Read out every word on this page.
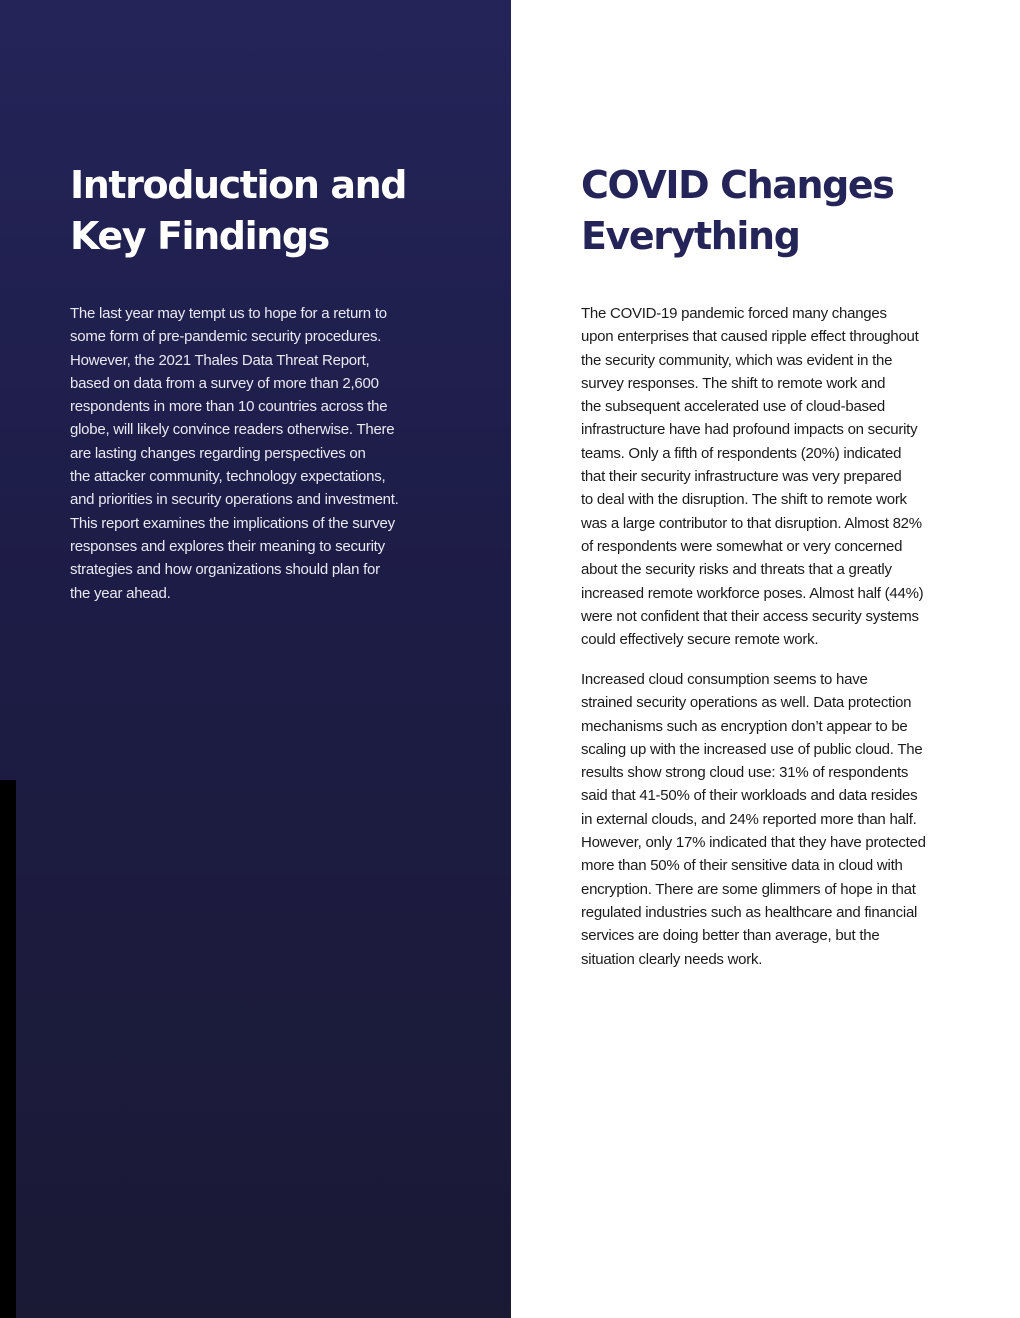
Introduction and
Key Findings

The last year may tempt us to hope for a return to
some form of pre-pandemic security procedures.
However, the 2021 Thales Data Threat Report,
based on data from a survey of more than 2,600
respondents in more than 10 countries across the
globe, will likely convince readers otherwise. There
are lasting changes regarding perspectives on
the attacker community, technology expectations,
and priorities in security operations and investment.
This report examines the implications of the survey
responses and explores their meaning to security
strategies and how organizations should plan for
the year ahead.

COVID Changes
Everything

The COVID-19 pandemic forced many changes
upon enterprises that caused ripple effect throughout
the security community, which was evident in the
survey responses. The shift to remote work and
the subsequent accelerated use of cloud-based
infrastructure have had profound impacts on security
teams. Only a fifth of respondents (20%) indicated
that their security infrastructure was very prepared
to deal with the disruption. The shift to remote work
was a large contributor to that disruption. Almost 82%
of respondents were somewhat or very concerned
about the security risks and threats that a greatly
increased remote workforce poses. Almost half (44%)
were not confident that their access security systems
could effectively secure remote work.

Increased cloud consumption seems to have
strained security operations as well. Data protection
mechanisms such as encryption don’t appear to be
scaling up with the increased use of public cloud. The
results show strong cloud use: 31% of respondents
said that 41-50% of their workloads and data resides
in external clouds, and 24% reported more than half.
However, only 17% indicated that they have protected
more than 50% of their sensitive data in cloud with
encryption. There are some glimmers of hope in that
regulated industries such as healthcare and financial
services are doing better than average, but the
situation clearly needs work.
